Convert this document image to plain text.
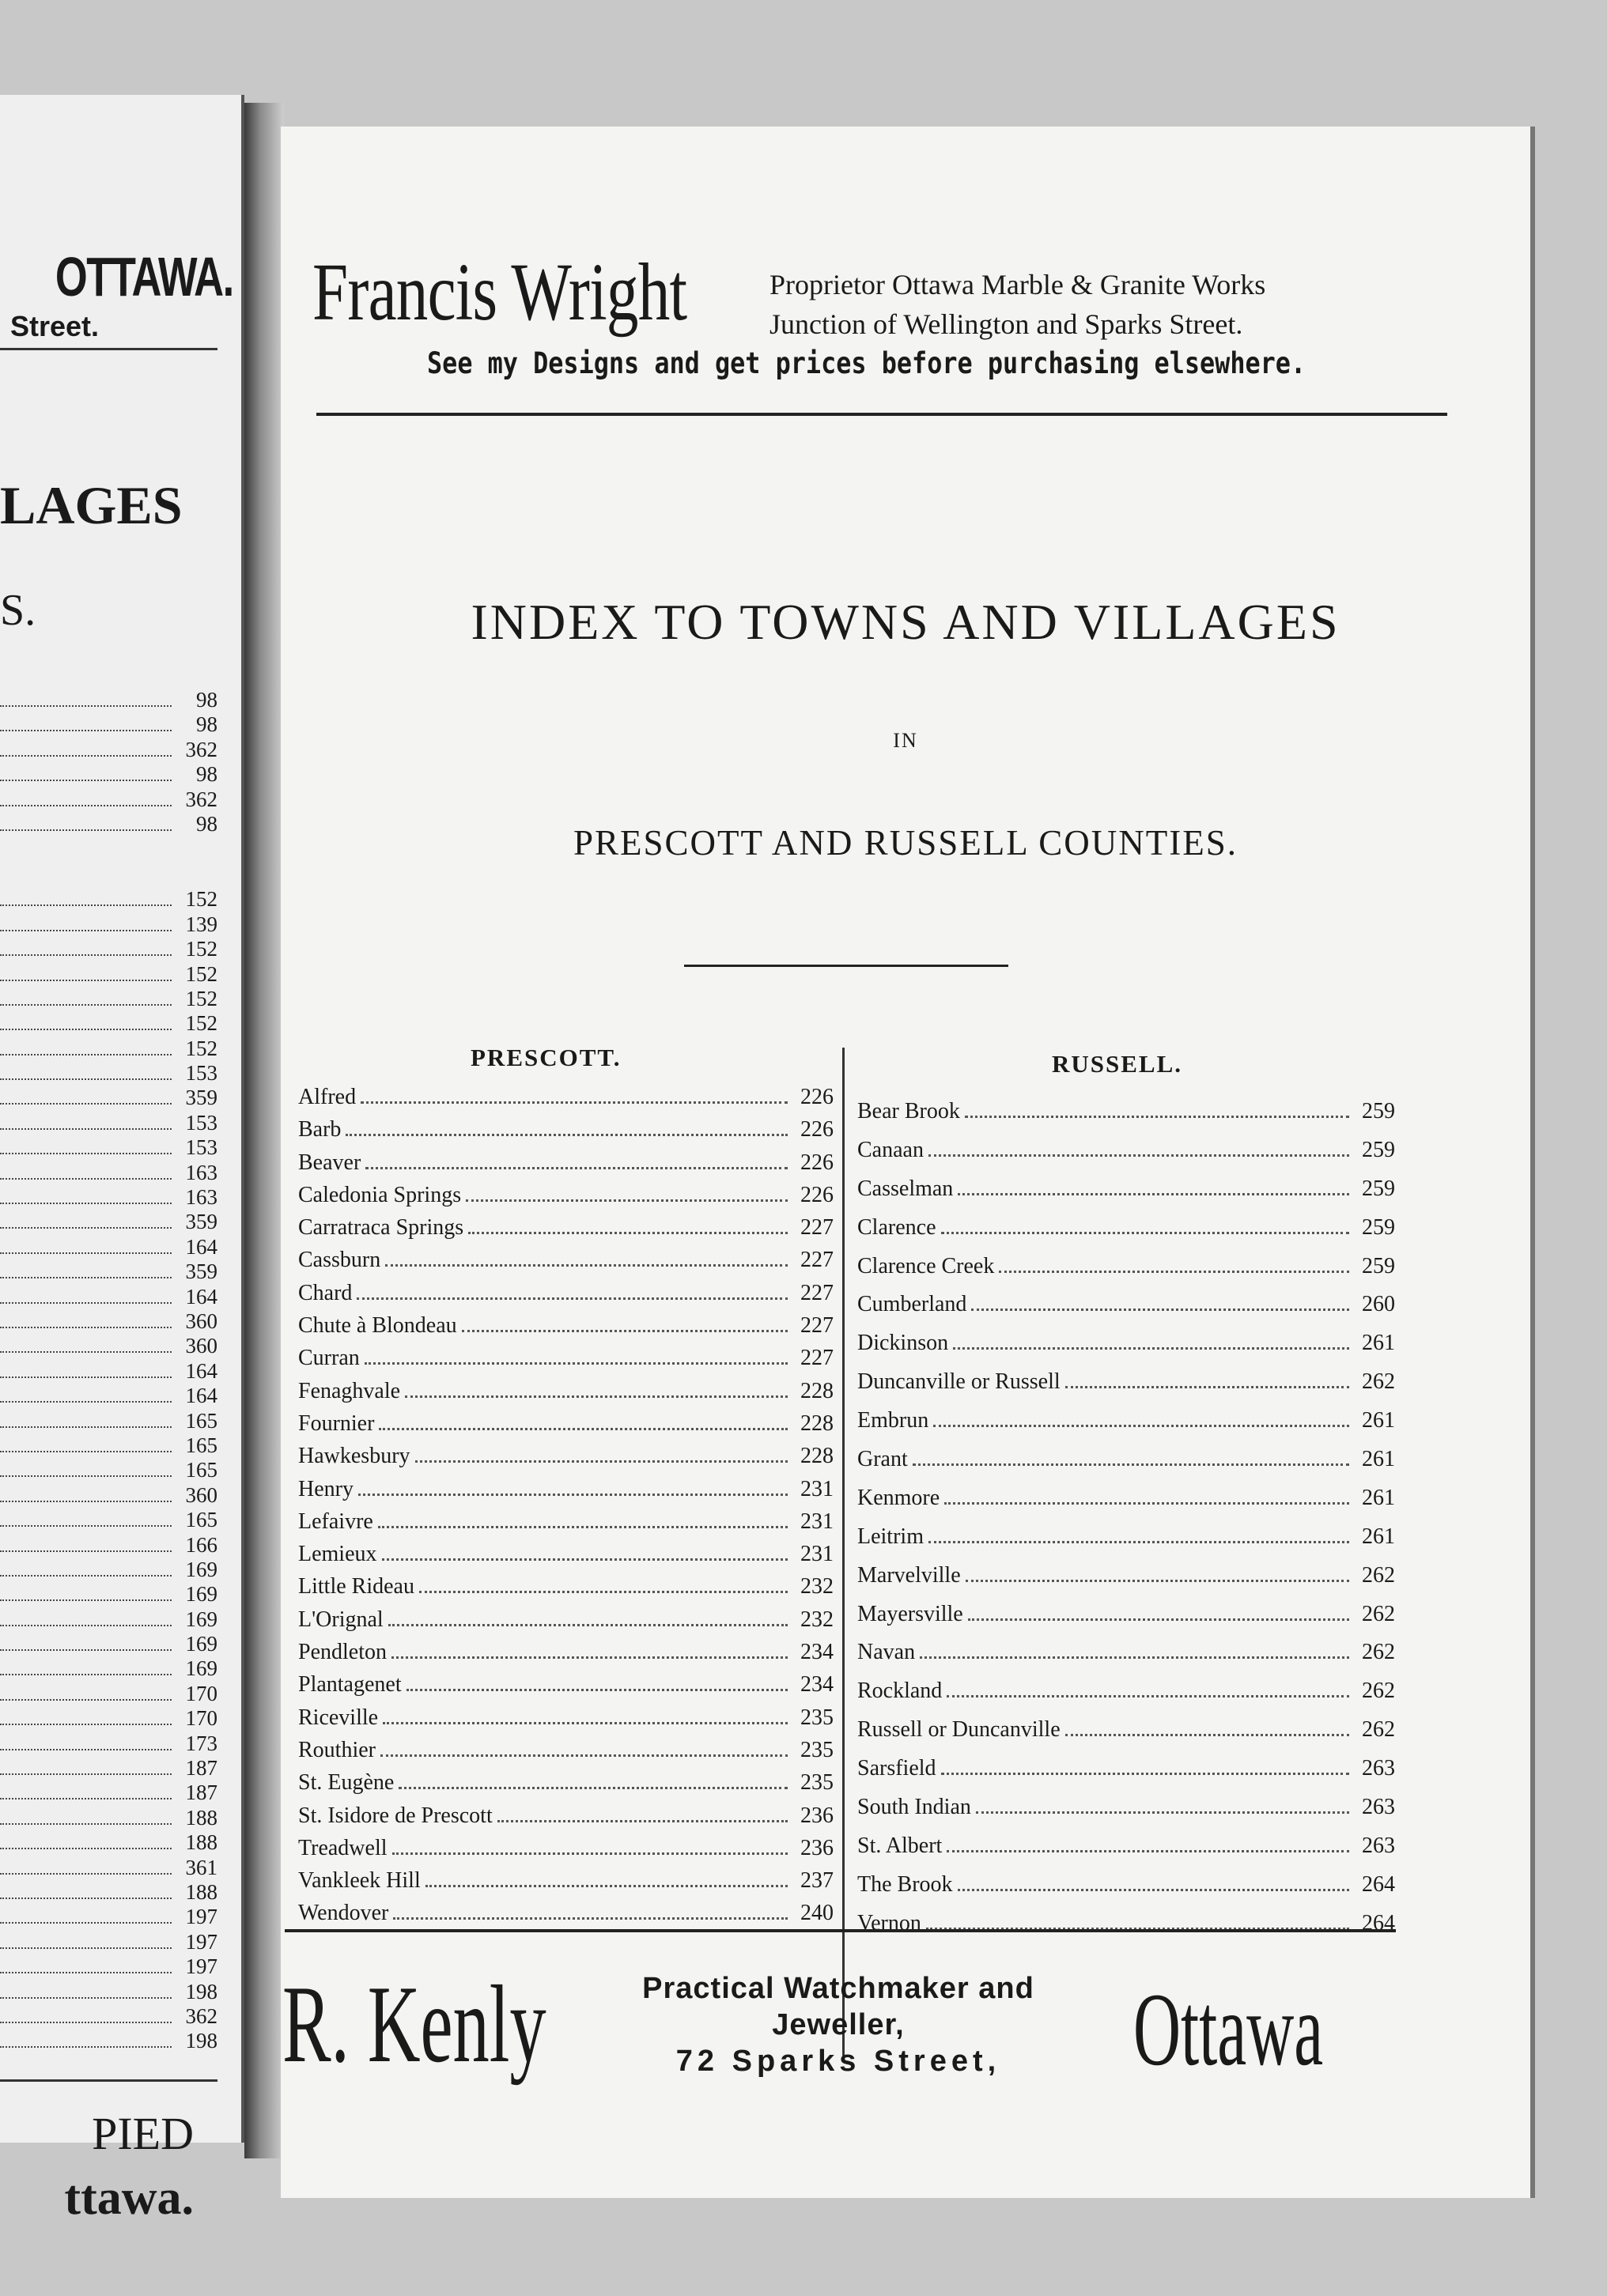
OTTAWA.
Street.
LAGES
S.
98
98
362
98
362
98
152
139
152
152
152
152
152
153
359
153
153
163
163
359
164
359
164
360
360
164
164
165
165
165
360
165
166
169
169
169
169
169
170
170
173
187
187
188
188
361
188
197
197
197
198
362
198
PIED
ttawa.
Francis Wright	Proprietor Ottawa Marble & Granite Works
Junction of Wellington and Sparks Street.
See my Designs and get prices before purchasing elsewhere.
INDEX TO TOWNS AND VILLAGES
IN
PRESCOTT AND RUSSELL COUNTIES.
PRESCOTT.	RUSSELL.
Alfred	226
Barb	226
Beaver	226
Caledonia Springs	226
Carratraca Springs	227
Cassburn	227
Chard	227
Chute à Blondeau	227
Curran	227
Fenaghvale	228
Fournier	228
Hawkesbury	228
Henry	231
Lefaivre	231
Lemieux	231
Little Rideau	232
L'Orignal	232
Pendleton	234
Plantagenet	234
Riceville	235
Routhier	235
St. Eugène	235
St. Isidore de Prescott	236
Treadwell	236
Vankleek Hill	237
Wendover	240
Bear Brook	259
Canaan	259
Casselman	259
Clarence	259
Clarence Creek	259
Cumberland	260
Dickinson	261
Duncanville or Russell	262
Embrun	261
Grant	261
Kenmore	261
Leitrim	261
Marvelville	262
Mayersville	262
Navan	262
Rockland	262
Russell or Duncanville	262
Sarsfield	263
South Indian	263
St. Albert	263
The Brook	264
Vernon	264
R. Kenly	Practical Watchmaker and
Jeweller,
72 Sparks Street,	Ottawa
